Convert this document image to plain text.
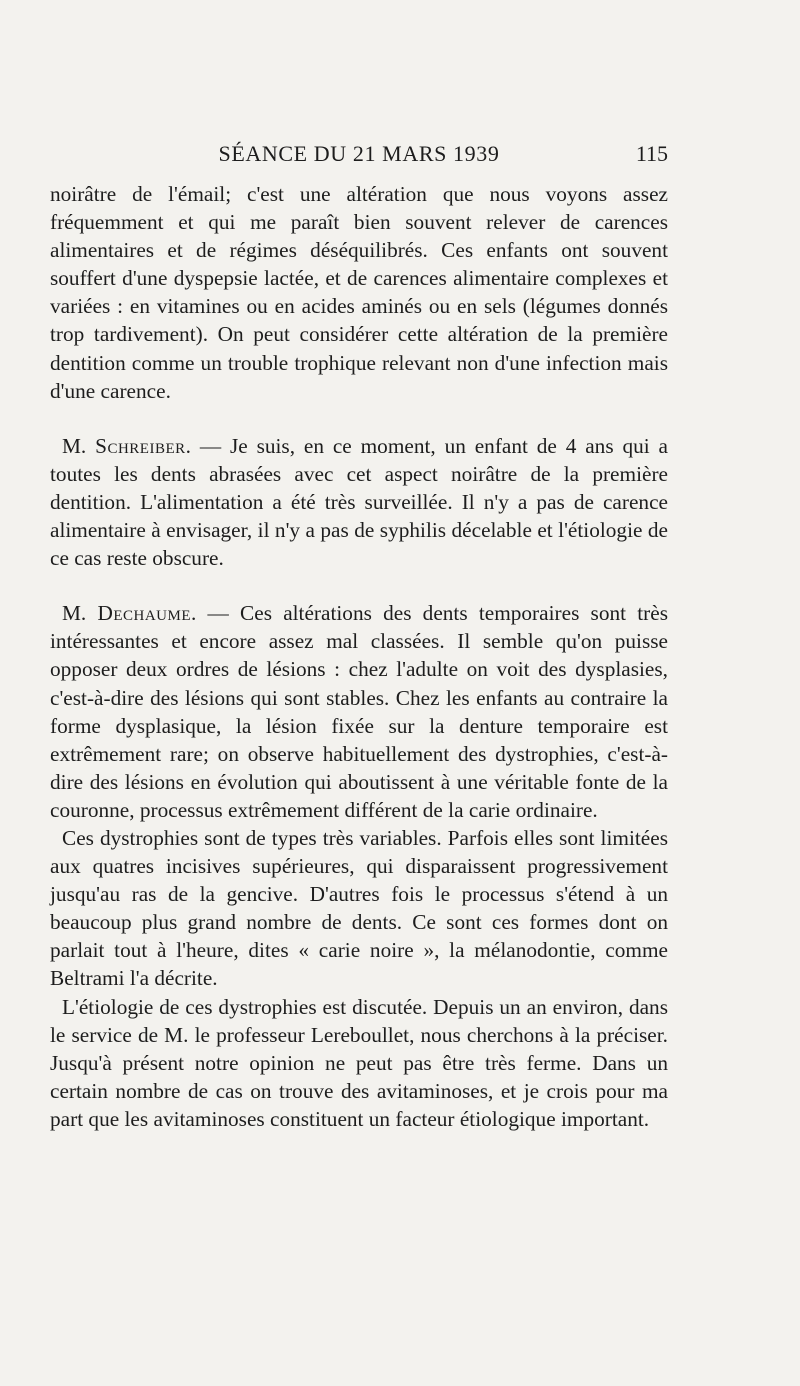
SÉANCE DU 21 MARS 1939	115

noirâtre de l'émail; c'est une altération que nous voyons assez fréquemment et qui me paraît bien souvent relever de carences alimentaires et de régimes déséquilibrés. Ces enfants ont souvent souffert d'une dyspepsie lactée, et de carences alimentaire complexes et variées : en vitamines ou en acides aminés ou en sels (légumes donnés trop tardivement). On peut considérer cette altération de la première dentition comme un trouble trophique relevant non d'une infection mais d'une carence.

M. Schreiber. — Je suis, en ce moment, un enfant de 4 ans qui a toutes les dents abrasées avec cet aspect noirâtre de la première dentition. L'alimentation a été très surveillée. Il n'y a pas de carence alimentaire à envisager, il n'y a pas de syphilis décelable et l'étiologie de ce cas reste obscure.

M. Dechaume. — Ces altérations des dents temporaires sont très intéressantes et encore assez mal classées. Il semble qu'on puisse opposer deux ordres de lésions : chez l'adulte on voit des dysplasies, c'est-à-dire des lésions qui sont stables. Chez les enfants au contraire la forme dysplasique, la lésion fixée sur la denture temporaire est extrêmement rare; on observe habituellement des dystrophies, c'est-à-dire des lésions en évolution qui aboutissent à une véritable fonte de la couronne, processus extrêmement différent de la carie ordinaire.

Ces dystrophies sont de types très variables. Parfois elles sont limitées aux quatres incisives supérieures, qui disparaissent progressivement jusqu'au ras de la gencive. D'autres fois le processus s'étend à un beaucoup plus grand nombre de dents. Ce sont ces formes dont on parlait tout à l'heure, dites « carie noire », la mélanodontie, comme Beltrami l'a décrite.

L'étiologie de ces dystrophies est discutée. Depuis un an environ, dans le service de M. le professeur Lereboullet, nous cherchons à la préciser. Jusqu'à présent notre opinion ne peut pas être très ferme. Dans un certain nombre de cas on trouve des avitaminoses, et je crois pour ma part que les avitaminoses constituent un facteur étiologique important.
